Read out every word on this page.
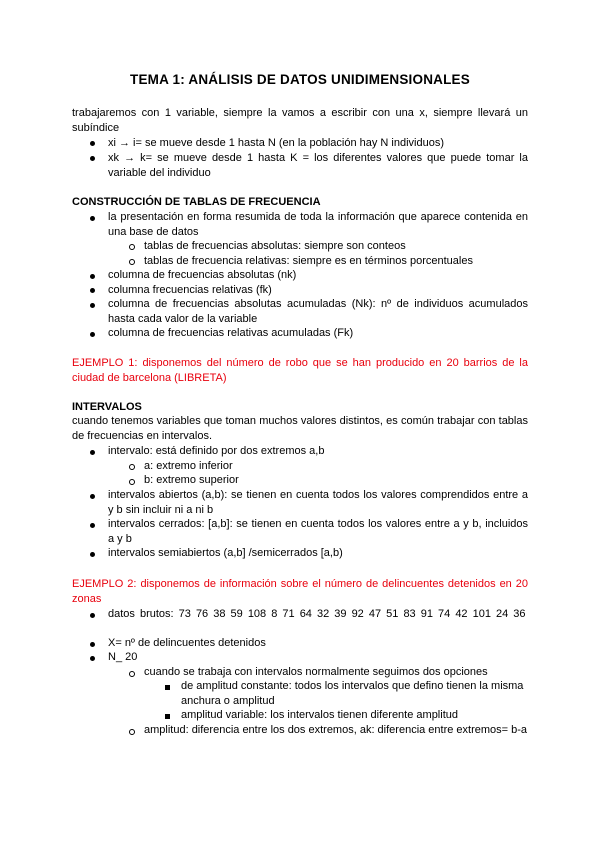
TEMA 1: ANÁLISIS DE DATOS UNIDIMENSIONALES
trabajaremos con 1 variable, siempre la vamos a escribir con una x, siempre llevará un subíndice
xi → i= se mueve desde 1 hasta N (en la población hay N individuos)
xk → k= se mueve desde 1 hasta K = los diferentes valores que puede tomar la variable del individuo
CONSTRUCCIÓN DE TABLAS DE FRECUENCIA
la presentación en forma resumida de toda la información que aparece contenida en una base de datos
tablas de frecuencias absolutas: siempre son conteos
tablas de frecuencia relativas: siempre es en términos porcentuales
columna de frecuencias absolutas (nk)
columna frecuencias relativas (fk)
columna de frecuencias absolutas acumuladas (Nk): nº de individuos acumulados hasta cada valor de la variable
columna de frecuencias relativas acumuladas (Fk)
EJEMPLO 1: disponemos del número de robo que se han producido en 20 barrios de la ciudad de barcelona (LIBRETA)
INTERVALOS
cuando tenemos variables que toman muchos valores distintos, es común trabajar con tablas de frecuencias en intervalos.
intervalo: está definido por dos extremos a,b
a: extremo inferior
b: extremo superior
intervalos abiertos (a,b): se tienen en cuenta todos los valores comprendidos entre a y b sin incluir ni a ni b
intervalos cerrados: [a,b]: se tienen en cuenta todos los valores entre a y b, incluidos a y b
intervalos semiabiertos (a,b] /semicerrados [a,b)
EJEMPLO 2: disponemos de información sobre el número de delincuentes detenidos en 20 zonas
datos brutos: 73 76 38 59 108 8 71 64 32 39 92 47 51 83 91 74 42 101 24 36
X= nº de delincuentes detenidos
N_ 20
cuando se trabaja con intervalos normalmente seguimos dos opciones
de amplitud constante: todos los intervalos que defino tienen la misma anchura o amplitud
amplitud variable: los intervalos tienen diferente amplitud
amplitud: diferencia entre los dos extremos, ak: diferencia entre extremos= b-a
